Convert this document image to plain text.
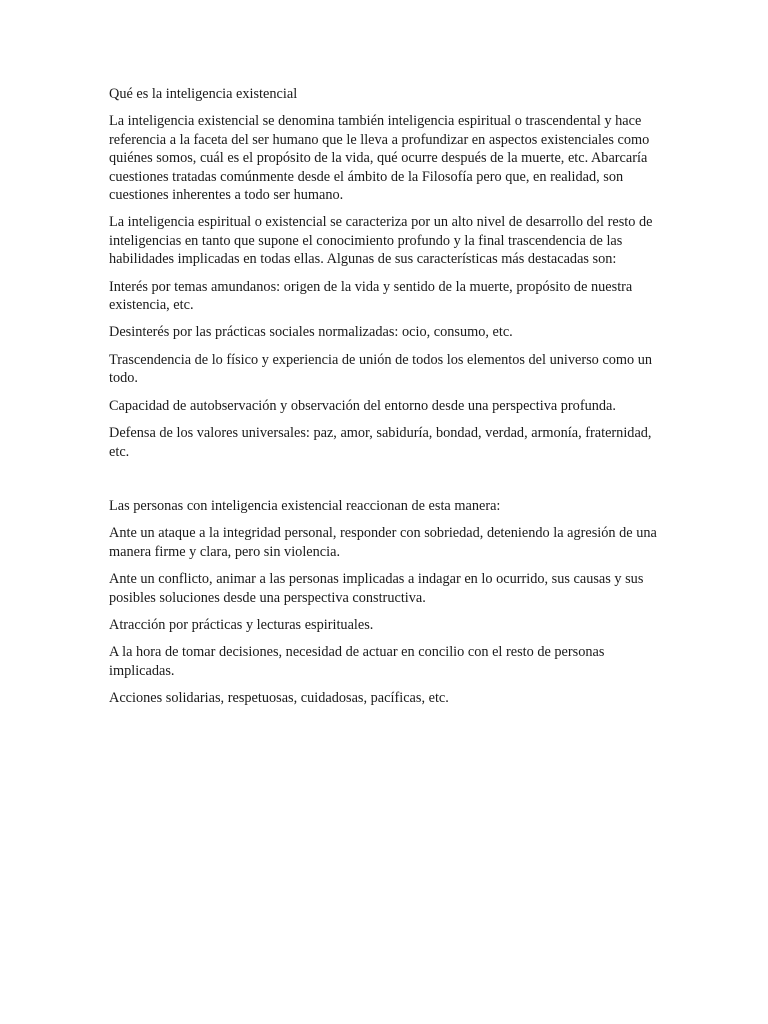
Qué es la inteligencia existencial

La inteligencia existencial se denomina también inteligencia espiritual o trascendental y hace referencia a la faceta del ser humano que le lleva a profundizar en aspectos existenciales como quiénes somos, cuál es el propósito de la vida, qué ocurre después de la muerte, etc. Abarcaría cuestiones tratadas comúnmente desde el ámbito de la Filosofía pero que, en realidad, son cuestiones inherentes a todo ser humano.

La inteligencia espiritual o existencial se caracteriza por un alto nivel de desarrollo del resto de inteligencias en tanto que supone el conocimiento profundo y la final trascendencia de las habilidades implicadas en todas ellas. Algunas de sus características más destacadas son:

Interés por temas amundanos: origen de la vida y sentido de la muerte, propósito de nuestra existencia, etc.

Desinterés por las prácticas sociales normalizadas: ocio, consumo, etc.

Trascendencia de lo físico y experiencia de unión de todos los elementos del universo como un todo.

Capacidad de autobservación y observación del entorno desde una perspectiva profunda.

Defensa de los valores universales: paz, amor, sabiduría, bondad, verdad, armonía, fraternidad, etc.

Las personas con inteligencia existencial reaccionan de esta manera:

Ante un ataque a la integridad personal, responder con sobriedad, deteniendo la agresión de una manera firme y clara, pero sin violencia.

Ante un conflicto, animar a las personas implicadas a indagar en lo ocurrido, sus causas y sus posibles soluciones desde una perspectiva constructiva.

Atracción por prácticas y lecturas espirituales.

A la hora de tomar decisiones, necesidad de actuar en concilio con el resto de personas implicadas.

Acciones solidarias, respetuosas, cuidadosas, pacíficas, etc.
